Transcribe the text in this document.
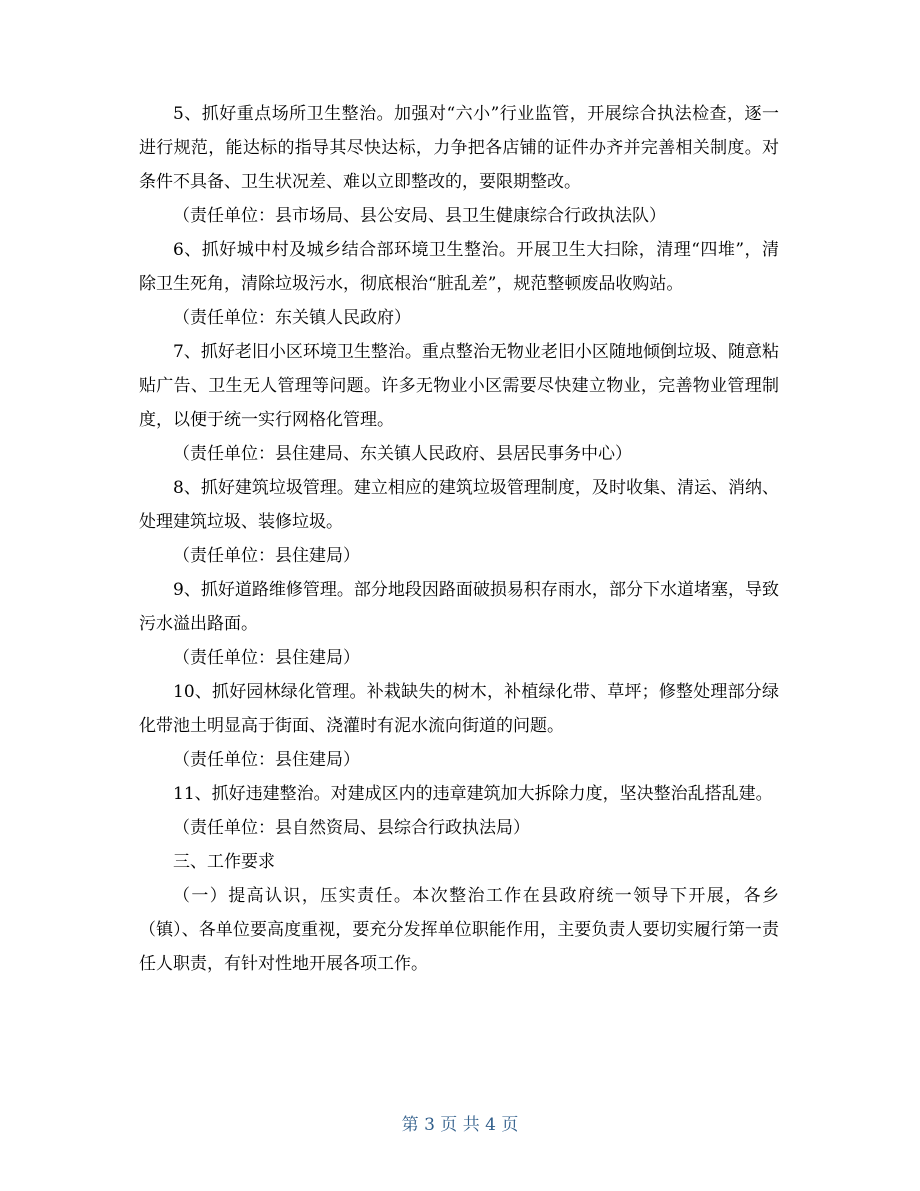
5、抓好重点场所卫生整治。加强对“六小”行业监管，开展综合执法检查，逐一进行规范，能达标的指导其尽快达标，力争把各店铺的证件办齐并完善相关制度。对条件不具备、卫生状况差、难以立即整改的，要限期整改。

（责任单位：县市场局、县公安局、县卫生健康综合行政执法队）

6、抓好城中村及城乡结合部环境卫生整治。开展卫生大扫除，清理“四堆”，清除卫生死角，清除垃圾污水，彻底根治“脏乱差”，规范整顿废品收购站。

（责任单位：东关镇人民政府）

7、抓好老旧小区环境卫生整治。重点整治无物业老旧小区随地倾倒垃圾、随意粘贴广告、卫生无人管理等问题。许多无物业小区需要尽快建立物业，完善物业管理制度，以便于统一实行网格化管理。

（责任单位：县住建局、东关镇人民政府、县居民事务中心）

8、抓好建筑垃圾管理。建立相应的建筑垃圾管理制度，及时收集、清运、消纳、处理建筑垃圾、装修垃圾。

（责任单位：县住建局）

9、抓好道路维修管理。部分地段因路面破损易积存雨水，部分下水道堵塞，导致污水溢出路面。

（责任单位：县住建局）

10、抓好园林绿化管理。补栽缺失的树木，补植绿化带、草坪；修整处理部分绿化带池土明显高于街面、浇灌时有泥水流向街道的问题。

（责任单位：县住建局）

11、抓好违建整治。对建成区内的违章建筑加大拆除力度，坚决整治乱搭乱建。

（责任单位：县自然资局、县综合行政执法局）

三、工作要求

（一）提高认识，压实责任。本次整治工作在县政府统一领导下开展，各乡（镇）、各单位要高度重视，要充分发挥单位职能作用，主要负责人要切实履行第一责任人职责，有针对性地开展各项工作。

第 3 页 共 4 页
